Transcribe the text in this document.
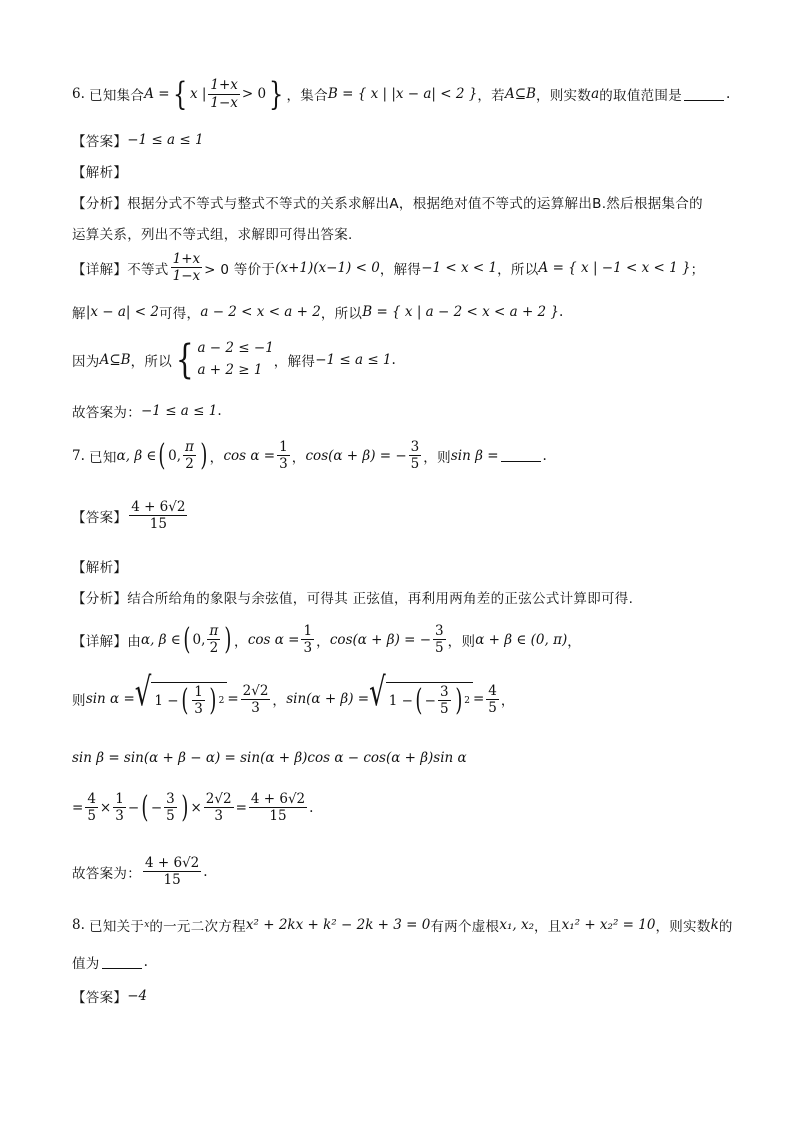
6.
已知集合 A = { x | $\frac{1+x}{1-x} > 0$ } ，集合 B = { x | |x − a| < 2 } ，若 A⊆B ，则实数 a 的取值范围是	.
【答案】 −1 ≤ a ≤ 1
【解析】
【分析】根据分式不等式与整式不等式的关系求解出A，根据绝对值不等式的运算解出B.然后根据集合的
运算关系，列出不等式组，求解即可得出答案.
【详解】 不等式 $\frac{1+x}{1-x} > 0$ 等价于 (x+1)(x−1) < 0 ，解得 −1 < x < 1 ，所以 A = { x | −1 < x < 1 } ；
解 |x − a| < 2 可得， a − 2 < x < a + 2 ，所以 B = { x | a − 2 < x < a + 2 } .
因为 A⊆B ，所以 { a − 2 ≤ −1
a + 2 ≥ 1 ，解得 −1 ≤ a ≤ 1 .
故答案为： −1 ≤ a ≤ 1 .
7.
已知 α, β ∈ ( 0, $\frac{\pi}{2}$ ) ， $\cos \alpha = \frac{1}{3}$ ， cos(α + β) = − $\frac{3}{5}$ ，则 sin β =	.
【答案】 $\frac{4 + 6√2}{15}$
【解析】
【分析】结合所给角的象限与余弦值，可得其 正弦值，再利用两角差的正弦公式计算即可得.
【详解】 由 α, β ∈ ( 0, $\frac{\pi}{2}$ ) ， $\cos \alpha = \frac{1}{3}$ ， cos(α + β) = − $\frac{3}{5}$ ，则 α + β ∈ (0, π) ，
则 sin α = √ 1 − ( $\frac{1}{3}$ ) $2 = \frac{2√2}{3}$ ， sin(α + β) = √ 1 − ( − $\frac{3}{5}$ ) $2 = \frac{4}{5}$ ，
sin β = sin(α + β − α) = sin(α + β)cos α − cos(α + β)sin α
= $\frac{4}{5} \times \frac{1}{3}$ − ( − $\frac{3}{5}$ ) × $\frac{2√2}{3} = \frac{4 + 6√2}{15}$ .
故答案为： $\frac{4 + 6√2}{15}$ .
8.
已知关于 x 的一元二次方程 x² + 2kx + k² − 2k + 3 = 0 有两个虚根 x₁, x₂ ，且 x₁² + x₂² = 10 ，则实数 k 的
值为	.
【答案】 −4
